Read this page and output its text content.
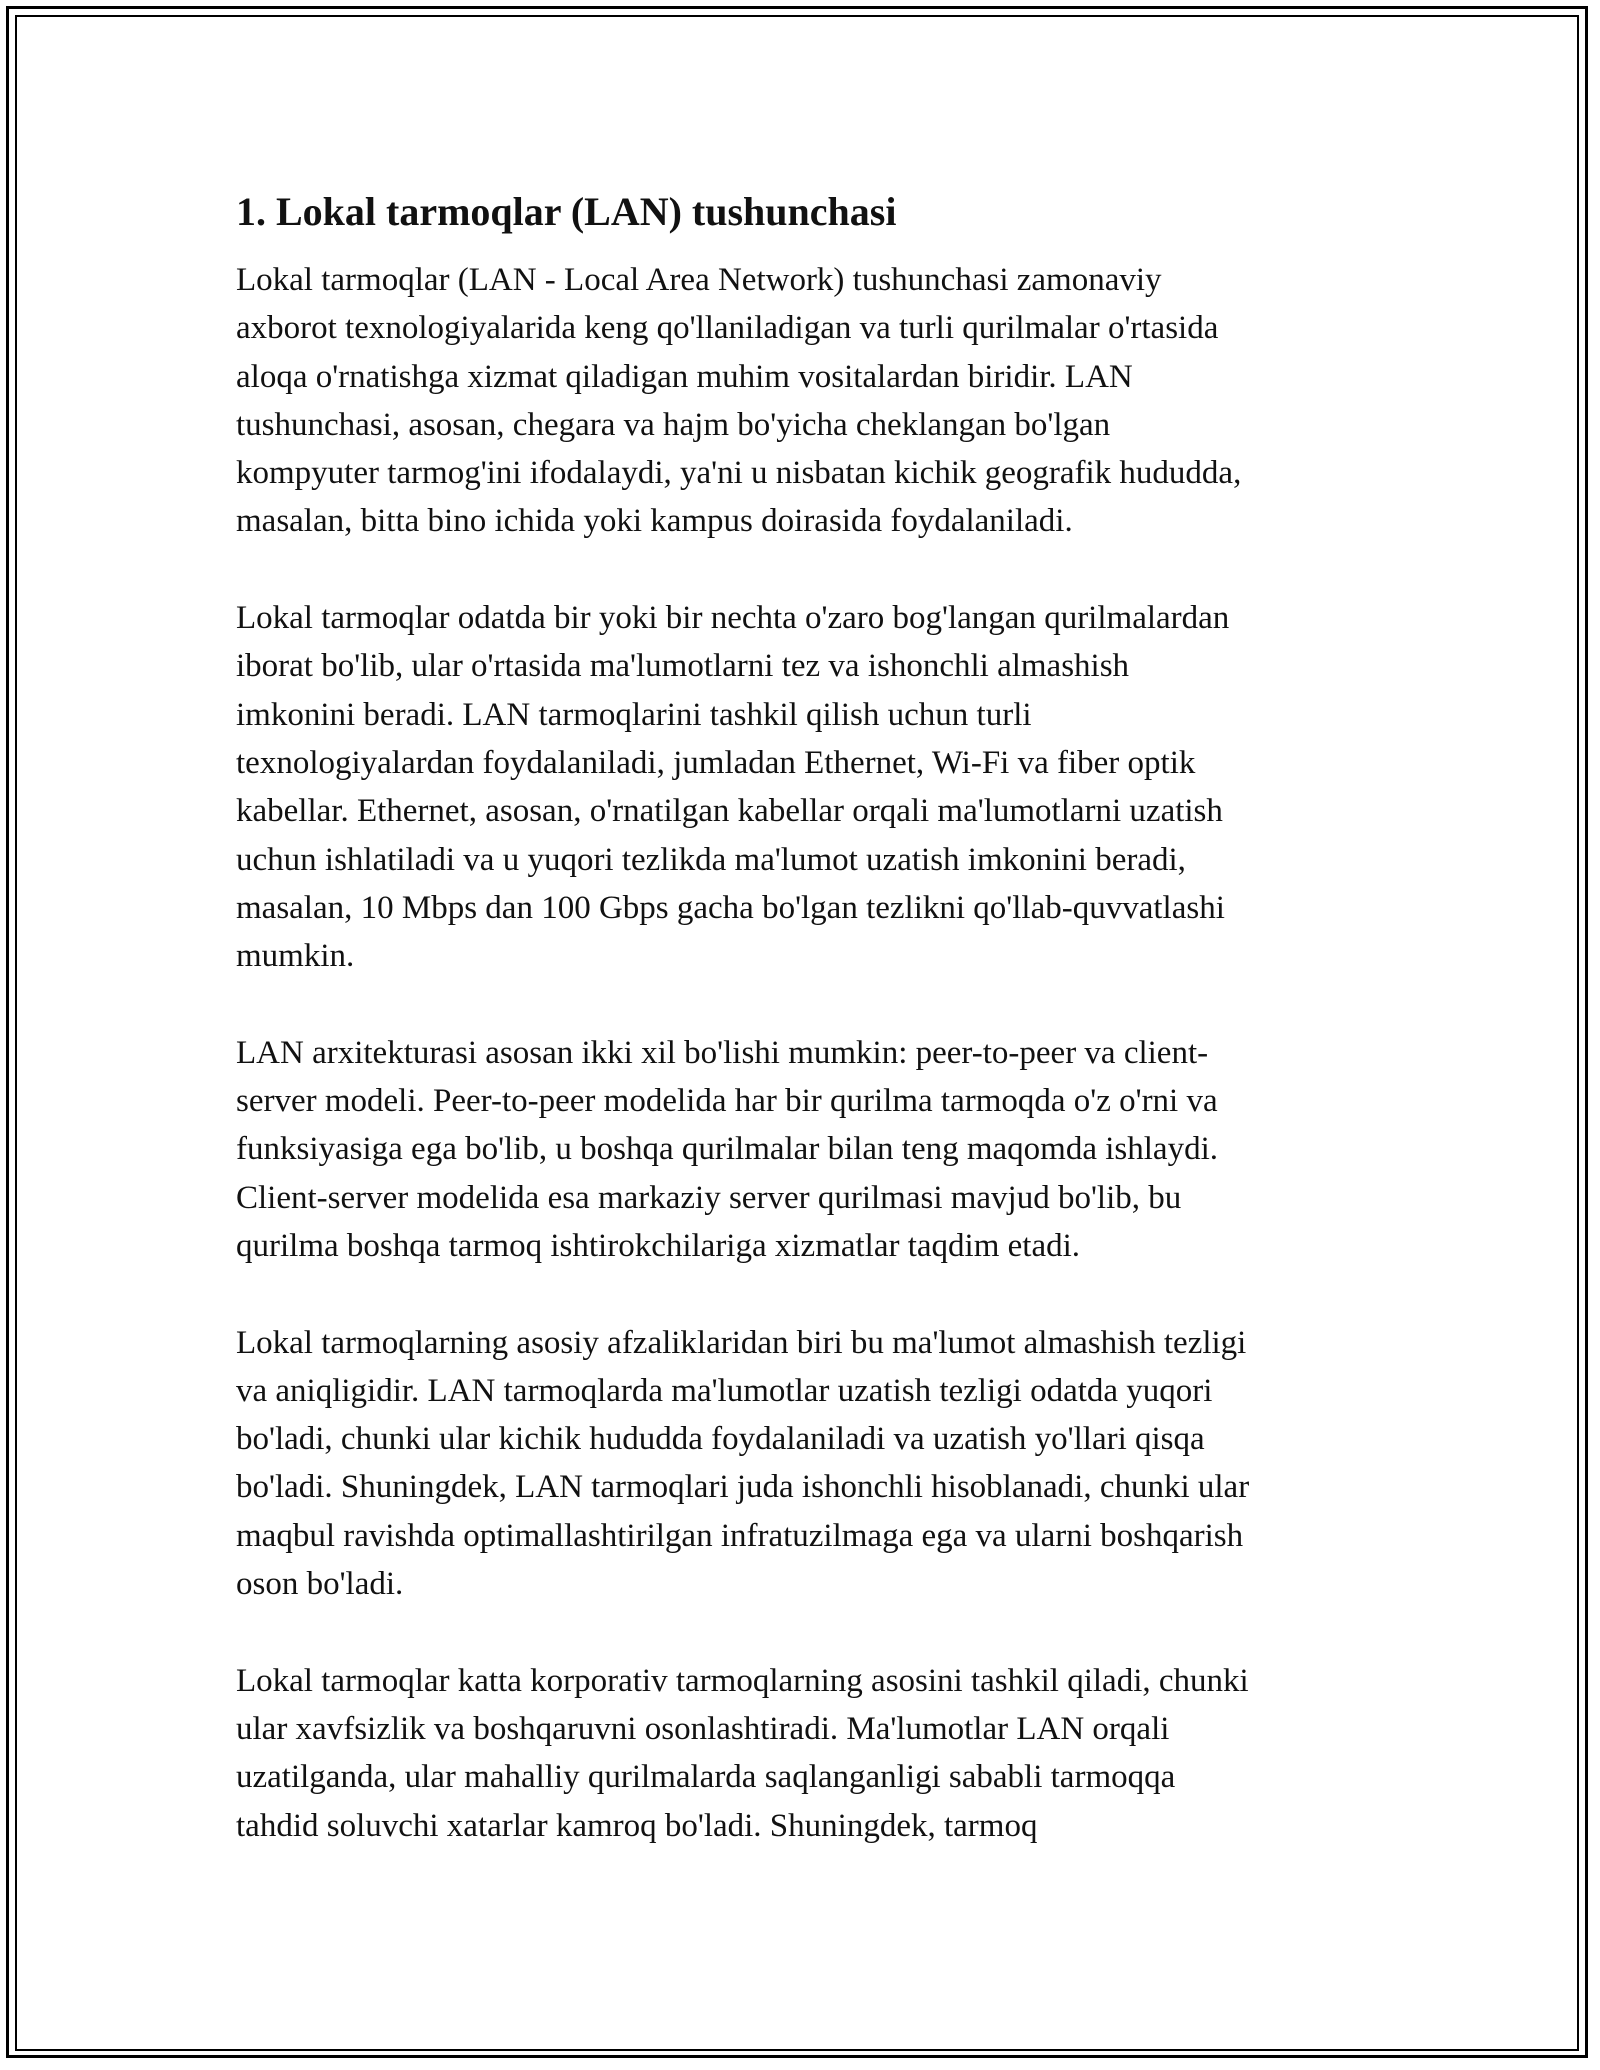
1. Lokal tarmoqlar (LAN) tushunchasi
Lokal tarmoqlar (LAN - Local Area Network) tushunchasi zamonaviy
axborot texnologiyalarida keng qo'llaniladigan va turli qurilmalar o'rtasida
aloqa o'rnatishga xizmat qiladigan muhim vositalardan biridir. LAN
tushunchasi, asosan, chegara va hajm bo'yicha cheklangan bo'lgan
kompyuter tarmog'ini ifodalaydi, ya'ni u nisbatan kichik geografik hududda,
masalan, bitta bino ichida yoki kampus doirasida foydalaniladi.
Lokal tarmoqlar odatda bir yoki bir nechta o'zaro bog'langan qurilmalardan
iborat bo'lib, ular o'rtasida ma'lumotlarni tez va ishonchli almashish
imkonini beradi. LAN tarmoqlarini tashkil qilish uchun turli
texnologiyalardan foydalaniladi, jumladan Ethernet, Wi-Fi va fiber optik
kabellar. Ethernet, asosan, o'rnatilgan kabellar orqali ma'lumotlarni uzatish
uchun ishlatiladi va u yuqori tezlikda ma'lumot uzatish imkonini beradi,
masalan, 10 Mbps dan 100 Gbps gacha bo'lgan tezlikni qo'llab-quvvatlashi
mumkin.
LAN arxitekturasi asosan ikki xil bo'lishi mumkin: peer-to-peer va client-
server modeli. Peer-to-peer modelida har bir qurilma tarmoqda o'z o'rni va
funksiyasiga ega bo'lib, u boshqa qurilmalar bilan teng maqomda ishlaydi.
Client-server modelida esa markaziy server qurilmasi mavjud bo'lib, bu
qurilma boshqa tarmoq ishtirokchilariga xizmatlar taqdim etadi.
Lokal tarmoqlarning asosiy afzaliklaridan biri bu ma'lumot almashish tezligi
va aniqligidir. LAN tarmoqlarda ma'lumotlar uzatish tezligi odatda yuqori
bo'ladi, chunki ular kichik hududda foydalaniladi va uzatish yo'llari qisqa
bo'ladi. Shuningdek, LAN tarmoqlari juda ishonchli hisoblanadi, chunki ular
maqbul ravishda optimallashtirilgan infratuzilmaga ega va ularni boshqarish
oson bo'ladi.
Lokal tarmoqlar katta korporativ tarmoqlarning asosini tashkil qiladi, chunki
ular xavfsizlik va boshqaruvni osonlashtiradi. Ma'lumotlar LAN orqali
uzatilganda, ular mahalliy qurilmalarda saqlanganligi sababli tarmoqqa
tahdid soluvchi xatarlar kamroq bo'ladi. Shuningdek, tarmoq
